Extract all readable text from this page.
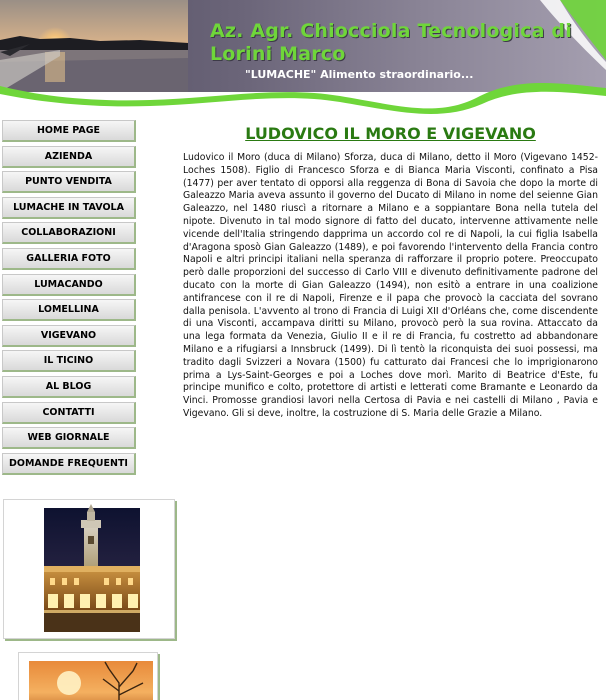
Az. Agr. Chiocciola Tecnologica di Lorini Marco
"LUMACHE" Alimento straordinario...
HOME PAGE
AZIENDA
PUNTO VENDITA
LUMACHE IN TAVOLA
COLLABORAZIONI
GALLERIA FOTO
LUMACANDO
LOMELLINA
VIGEVANO
IL TICINO
AL BLOG
CONTATTI
WEB GIORNALE
DOMANDE FREQUENTI
LUDOVICO IL MORO E VIGEVANO

Ludovico il Moro (duca di Milano) Sforza, duca di Milano, detto il Moro (Vigevano 1452-Loches 1508). Figlio di Francesco Sforza e di Bianca Maria Visconti, confinato a Pisa (1477) per aver tentato di opporsi alla reggenza di Bona di Savoia che dopo la morte di Galeazzo Maria aveva assunto il governo del Ducato di Milano in nome del seienne Gian Galeazzo, nel 1480 riuscì a ritornare a Milano e a soppiantare Bona nella tutela del nipote. Divenuto in tal modo signore di fatto del ducato, intervenne attivamente nelle vicende dell'Italia stringendo dapprima un accordo col re di Napoli, la cui figlia Isabella d'Aragona sposò Gian Galeazzo (1489), e poi favorendo l'intervento della Francia contro Napoli e altri principi italiani nella speranza di rafforzare il proprio potere. Preoccupato però dalle proporzioni del successo di Carlo VIII e divenuto definitivamente padrone del ducato con la morte di Gian Galeazzo (1494), non esitò a entrare in una coalizione antifrancese con il re di Napoli, Firenze e il papa che provocò la cacciata del sovrano dalla penisola. L'avvento al trono di Francia di Luigi XII d'Orléans che, come discendente di una Visconti, accampava diritti su Milano, provocò però la sua rovina. Attaccato da una lega formata da Venezia, Giulio II e il re di Francia, fu costretto ad abbandonare Milano e a rifugiarsi a Innsbruck (1499). Di lì tentò la riconquista dei suoi possessi, ma tradito dagli Svizzeri a Novara (1500) fu catturato dai Francesi che lo imprigionarono prima a Lys-Saint-Georges e poi a Loches dove morì. Marito di Beatrice d'Este, fu principe munifico e colto, protettore di artisti e letterati come Bramante e Leonardo da Vinci. Promosse grandiosi lavori nella Certosa di Pavia e nei castelli di Milano , Pavia e Vigevano. Gli si deve, inoltre, la costruzione di S. Maria delle Grazie a Milano.
